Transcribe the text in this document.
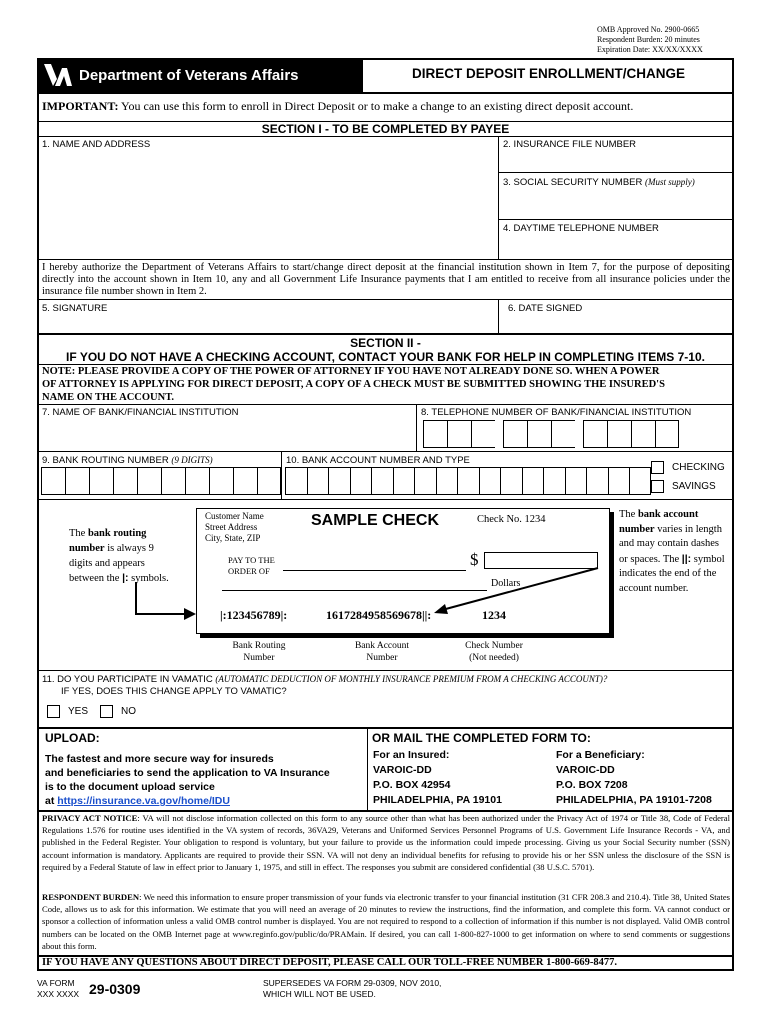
OMB Approved No. 2900-0665
Respondent Burden: 20 minutes
Expiration Date: XX/XX/XXXX
Department of Veterans Affairs	DIRECT DEPOSIT ENROLLMENT/CHANGE
IMPORTANT: You can use this form to enroll in Direct Deposit or to make a change to an existing direct deposit account.
SECTION I - TO BE COMPLETED BY PAYEE
1. NAME AND ADDRESS	2. INSURANCE FILE NUMBER
3. SOCIAL SECURITY NUMBER (Must supply)
4. DAYTIME TELEPHONE NUMBER
I hereby authorize the Department of Veterans Affairs to start/change direct deposit at the financial institution shown in Item 7, for the purpose of depositing directly into the account shown in Item 10, any and all Government Life Insurance payments that I am entitled to receive from all insurance policies under the insurance file number shown in Item 2.
5. SIGNATURE	6. DATE SIGNED
SECTION II -
IF YOU DO NOT HAVE A CHECKING ACCOUNT, CONTACT YOUR BANK FOR HELP IN COMPLETING ITEMS 7-10.
NOTE: PLEASE PROVIDE A COPY OF THE POWER OF ATTORNEY IF YOU HAVE NOT ALREADY DONE SO. WHEN A POWER
OF ATTORNEY IS APPLYING FOR DIRECT DEPOSIT, A COPY OF A CHECK MUST BE SUBMITTED SHOWING THE INSURED'S
NAME ON THE ACCOUNT.
7. NAME OF BANK/FINANCIAL INSTITUTION	8. TELEPHONE NUMBER OF BANK/FINANCIAL INSTITUTION
9. BANK ROUTING NUMBER (9 DIGITS)	10. BANK ACCOUNT NUMBER AND TYPE
CHECKING
SAVINGS
The bank routing number is always 9 digits and appears between the |: symbols.
Customer Name
Street Address
City, State, ZIP
SAMPLE CHECK	Check No. 1234
PAY TO THE
ORDER OF
$
Dollars
|:123456789|:	1617284958569678||:	1234
Bank Routing
Number
Bank Account
Number
Check Number
(Not needed)
The bank account number varies in length and may contain dashes or spaces. The ||: symbol indicates the end of the account number.
11. DO YOU PARTICIPATE IN VAMATIC (AUTOMATIC DEDUCTION OF MONTHLY INSURANCE PREMIUM FROM A CHECKING ACCOUNT)?
IF YES, DOES THIS CHANGE APPLY TO VAMATIC?
YES	NO
UPLOAD:
The fastest and more secure way for insureds
and beneficiaries to send the application to VA Insurance
is to the document upload service
at https://insurance.va.gov/home/IDU
OR MAIL THE COMPLETED FORM TO:
For an Insured:
VAROIC-DD
P.O. BOX 42954
PHILADELPHIA, PA 19101
For a Beneficiary:
VAROIC-DD
P.O. BOX 7208
PHILADELPHIA, PA 19101-7208
PRIVACY ACT NOTICE: VA will not disclose information collected on this form to any source other than what has been authorized under the Privacy Act of 1974 or Title 38, Code of Federal Regulations 1.576 for routine uses identified in the VA system of records, 36VA29, Veterans and Uniformed Services Personnel Programs of U.S. Government Life Insurance Records - VA, and published in the Federal Register. Your obligation to respond is voluntary, but your failure to provide us the information could impede processing. Giving us your Social Security number (SSN) account information is mandatory. Applicants are required to provide their SSN. VA will not deny an individual benefits for refusing to provide his or her SSN unless the disclosure of the SSN is required by a Federal Statute of law in effect prior to January 1, 1975, and still in effect. The responses you submit are considered confidential (38 U.S.C. 5701).
RESPONDENT BURDEN: We need this information to ensure proper transmission of your funds via electronic transfer to your financial institution (31 CFR 208.3 and 210.4). Title 38, United States Code, allows us to ask for this information. We estimate that you will need an average of 20 minutes to review the instructions, find the information, and complete this form. VA cannot conduct or sponsor a collection of information unless a valid OMB control number is displayed. You are not required to respond to a collection of information if this number is not displayed. Valid OMB control numbers can be located on the OMB Internet page at www.reginfo.gov/public/do/PRAMain. If desired, you can call 1-800-827-1000 to get information on where to send comments or suggestions about this form.
IF YOU HAVE ANY QUESTIONS ABOUT DIRECT DEPOSIT, PLEASE CALL OUR TOLL-FREE NUMBER 1-800-669-8477.
VA FORM
XXX XXXX 29-0309	SUPERSEDES VA FORM 29-0309, NOV 2010,
WHICH WILL NOT BE USED.
